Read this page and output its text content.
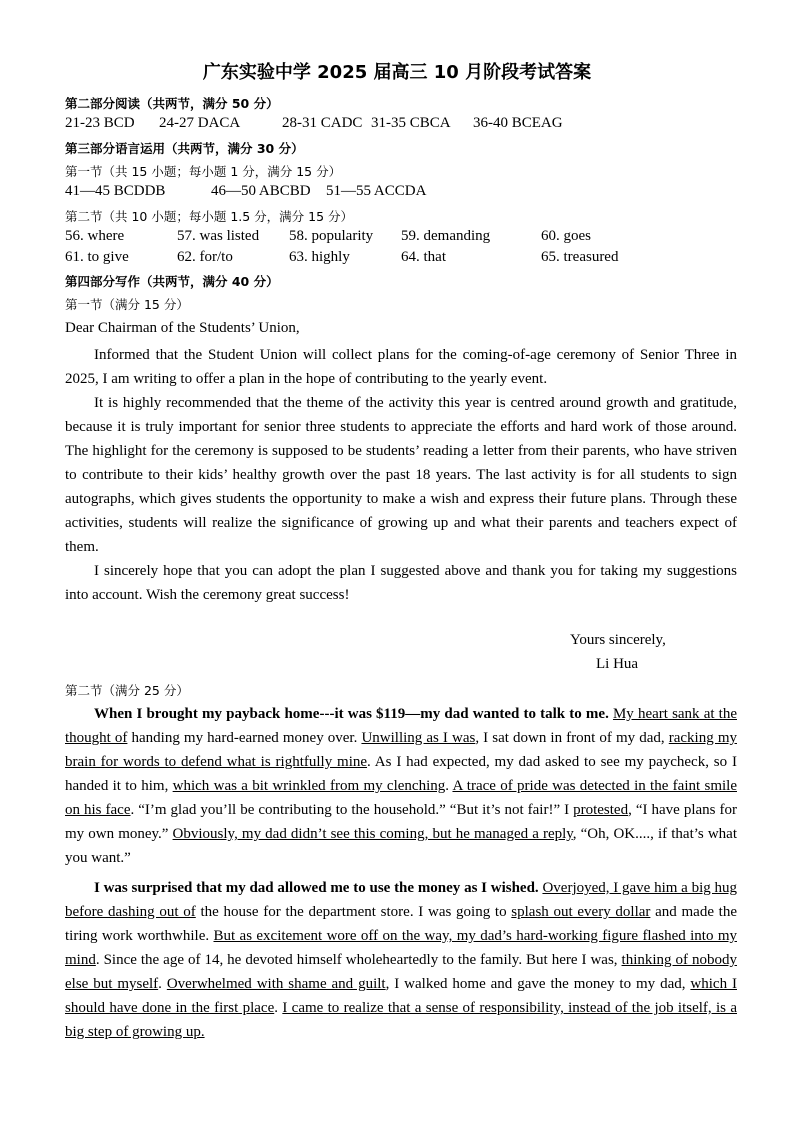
广东实验中学 2025 届高三 10 月阶段考试答案
第二部分阅读（共两节，满分 50 分）
21-23 BCD 24-27 DACA	28-31 CADC 31-35 CBCA 36-40 BCEAG
第三部分语言运用（共两节，满分 30 分）
第一节（共 15 小题；每小题 1 分，满分 15 分）
41—45 BCDDB	46—50 ABCBD 51—55 ACCDA
第二节（共 10 小题；每小题 1.5 分，满分 15 分）
56. where	57. was listed 58. popularity 59. demanding	60. goes
61. to give	62. for/to	63. highly	64. that	65. treasured
第四部分写作（共两节，满分 40 分）
第一节（满分 15 分）
Dear Chairman of the Students’ Union,
Informed that the Student Union will collect plans for the coming-of-age ceremony of Senior Three in 2025, I am writing to offer a plan in the hope of contributing to the yearly event.
It is highly recommended that the theme of the activity this year is centred around growth and gratitude, because it is truly important for senior three students to appreciate the efforts and hard work of those around. The highlight for the ceremony is supposed to be students’ reading a letter from their parents, who have striven to contribute to their kids’ healthy growth over the past 18 years. The last activity is for all students to sign autographs, which gives students the opportunity to make a wish and express their future plans. Through these activities, students will realize the significance of growing up and what their parents and teachers expect of them.
I sincerely hope that you can adopt the plan I suggested above and thank you for taking my suggestions into account. Wish the ceremony great success!
Yours sincerely,
Li Hua
第二节（满分 25 分）
When I brought my payback home---it was $119—my dad wanted to talk to me. My heart sank at the thought of handing my hard-earned money over. Unwilling as I was, I sat down in front of my dad, racking my brain for words to defend what is rightfully mine. As I had expected, my dad asked to see my paycheck, so I handed it to him, which was a bit wrinkled from my clenching. A trace of pride was detected in the faint smile on his face. “I’m glad you’ll be contributing to the household.” “But it’s not fair!” I protested, “I have plans for my own money.” Obviously, my dad didn’t see this coming, but he managed a reply, “Oh, OK...., if that’s what you want.”
I was surprised that my dad allowed me to use the money as I wished. Overjoyed, I gave him a big hug before dashing out of the house for the department store. I was going to splash out every dollar and made the tiring work worthwhile. But as excitement wore off on the way, my dad’s hard-working figure flashed into my mind. Since the age of 14, he devoted himself wholeheartedly to the family. But here I was, thinking of nobody else but myself. Overwhelmed with shame and guilt, I walked home and gave the money to my dad, which I should have done in the first place. I came to realize that a sense of responsibility, instead of the job itself, is a big step of growing up.
